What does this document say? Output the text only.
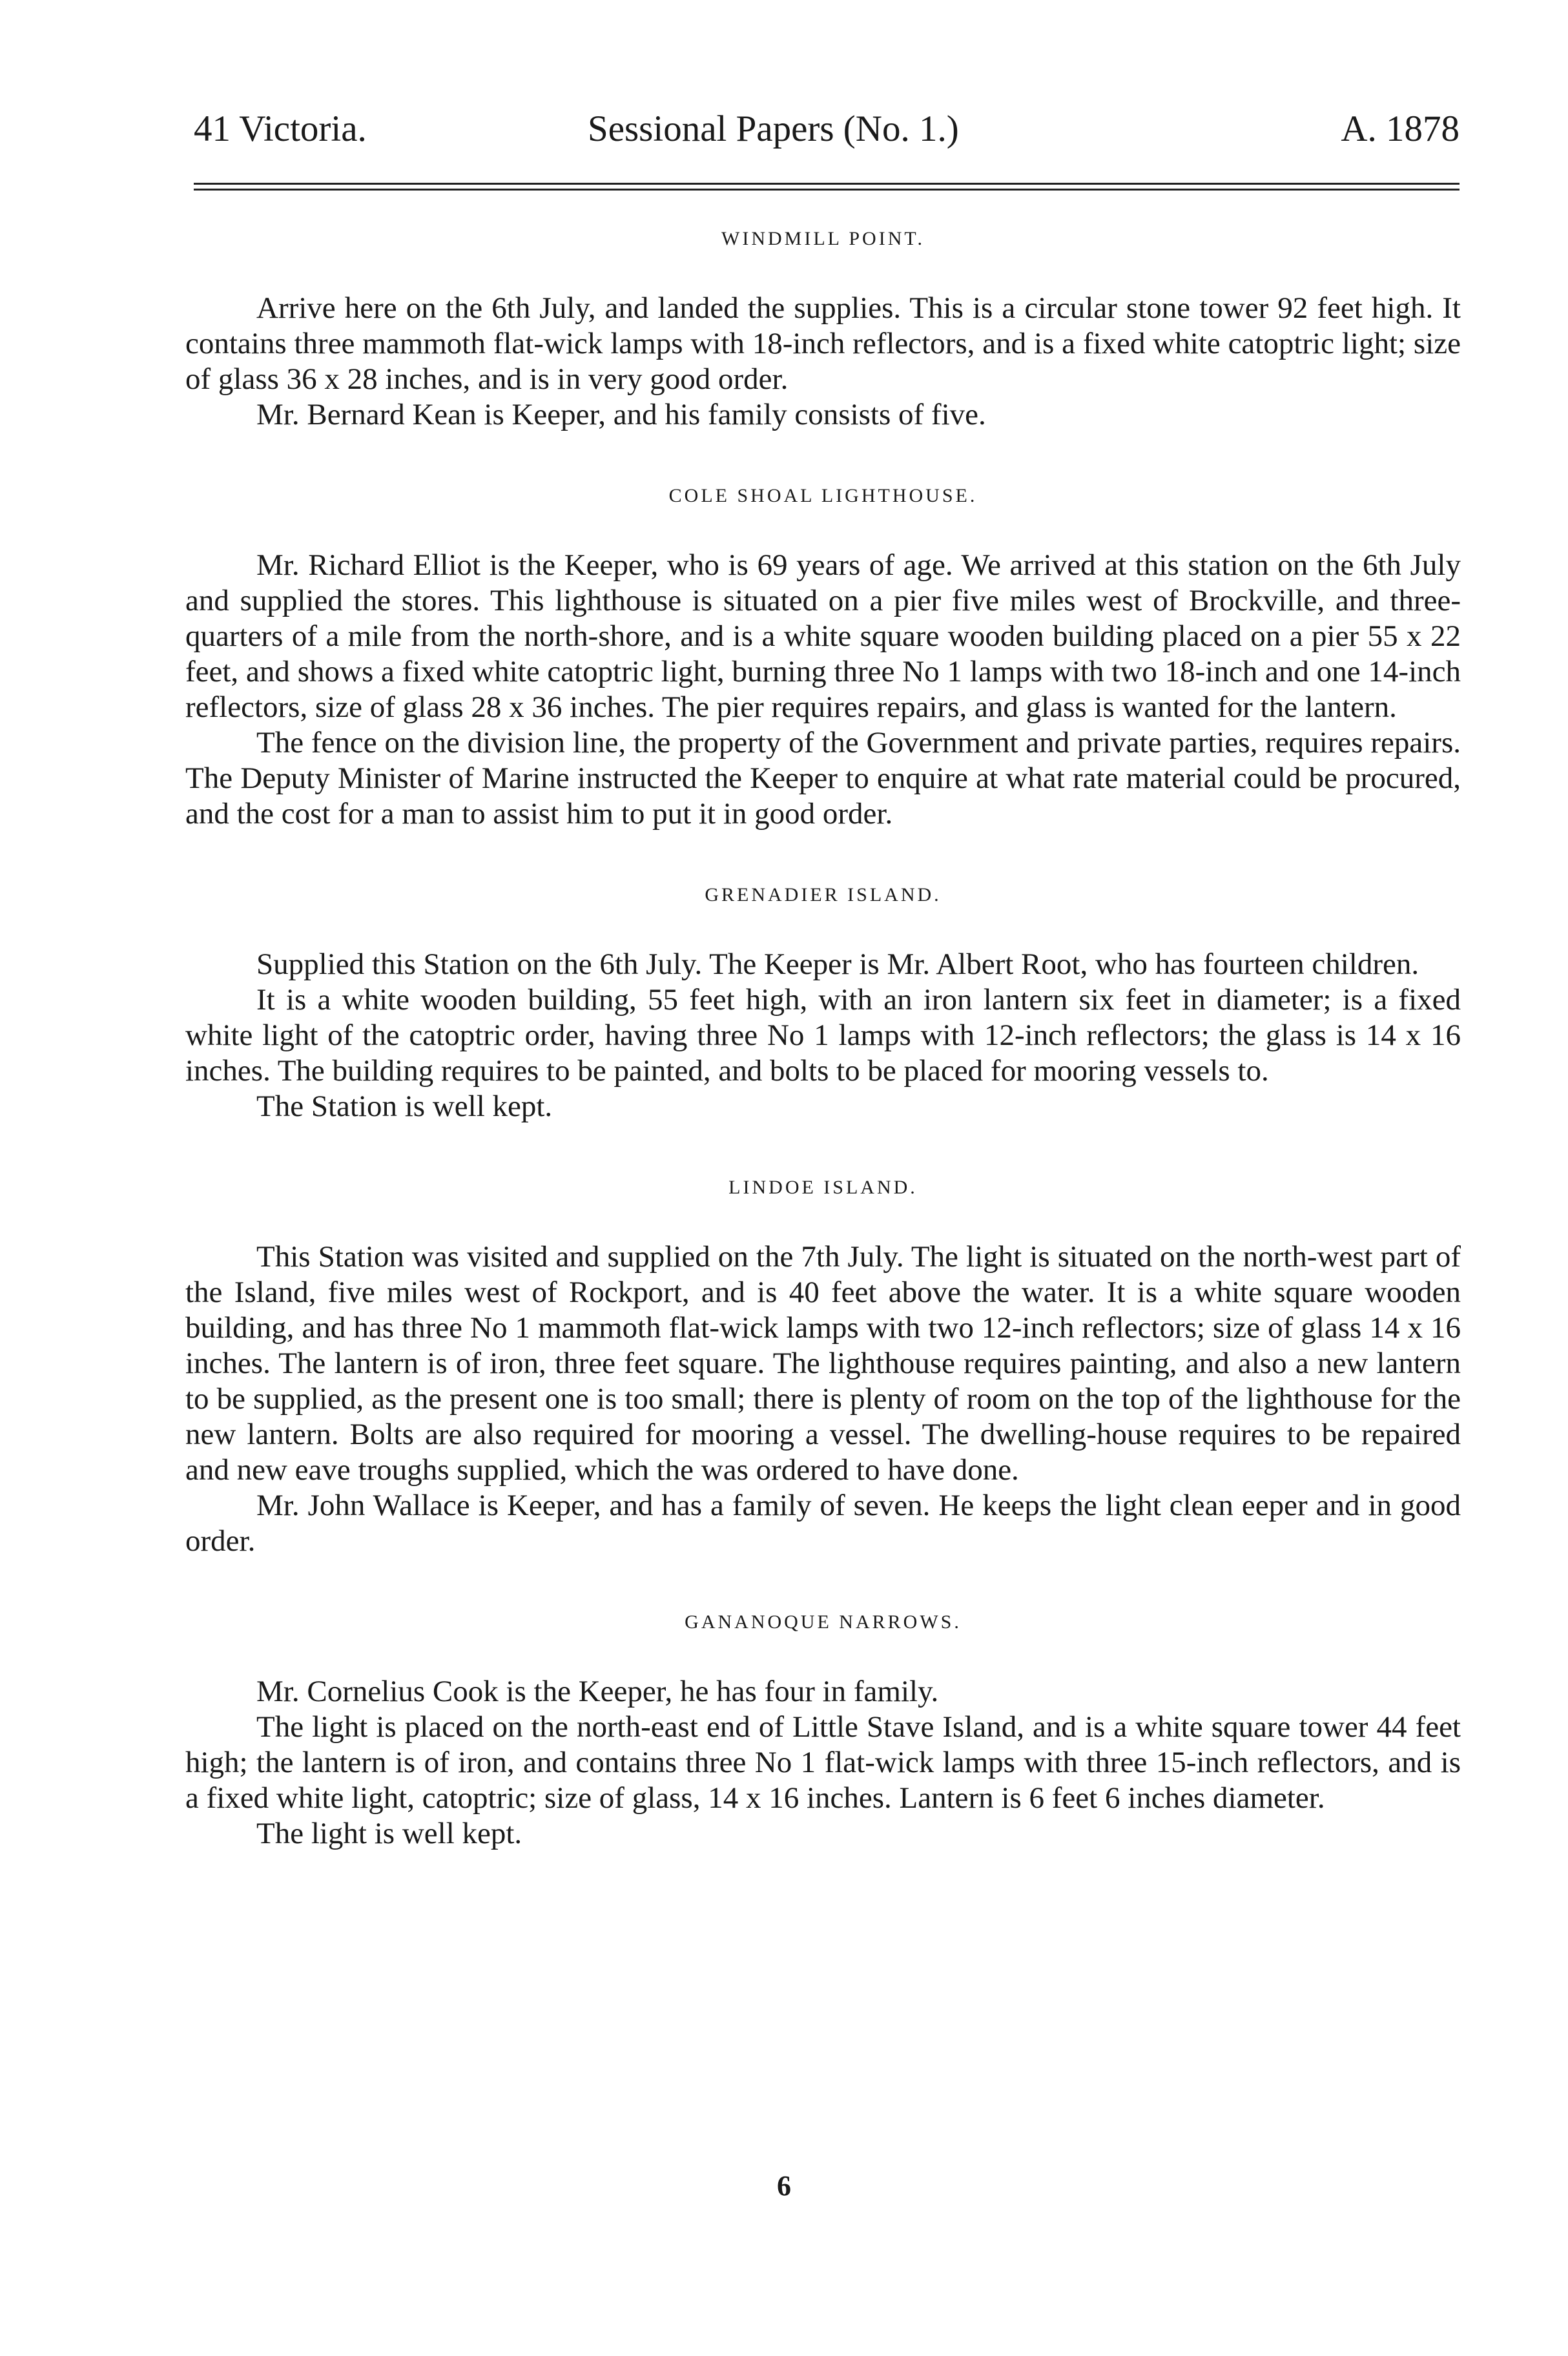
41 Victoria.	Sessional Papers (No. 1.)	A. 1878

WINDMILL POINT.

Arrive here on the 6th July, and landed the supplies. This is a circular stone tower 92 feet high. It contains three mammoth flat-wick lamps with 18-inch reflectors, and is a fixed white catoptric light; size of glass 36 x 28 inches, and is in very good order.

Mr. Bernard Kean is Keeper, and his family consists of five.

COLE SHOAL LIGHTHOUSE.

Mr. Richard Elliot is the Keeper, who is 69 years of age. We arrived at this station on the 6th July and supplied the stores. This lighthouse is situated on a pier five miles west of Brockville, and three-quarters of a mile from the north-shore, and is a white square wooden building placed on a pier 55 x 22 feet, and shows a fixed white catoptric light, burning three No 1 lamps with two 18-inch and one 14-inch reflectors, size of glass 28 x 36 inches. The pier requires repairs, and glass is wanted for the lantern.

The fence on the division line, the property of the Government and private parties, requires repairs. The Deputy Minister of Marine instructed the Keeper to enquire at what rate material could be procured, and the cost for a man to assist him to put it in good order.

GRENADIER ISLAND.

Supplied this Station on the 6th July. The Keeper is Mr. Albert Root, who has fourteen children.

It is a white wooden building, 55 feet high, with an iron lantern six feet in diameter; is a fixed white light of the catoptric order, having three No 1 lamps with 12-inch reflectors; the glass is 14 x 16 inches. The building requires to be painted, and bolts to be placed for mooring vessels to.

The Station is well kept.

LINDOE ISLAND.

This Station was visited and supplied on the 7th July. The light is situated on the north-west part of the Island, five miles west of Rockport, and is 40 feet above the water. It is a white square wooden building, and has three No 1 mammoth flat-wick lamps with two 12-inch reflectors; size of glass 14 x 16 inches. The lantern is of iron, three feet square. The lighthouse requires painting, and also a new lantern to be supplied, as the present one is too small; there is plenty of room on the top of the lighthouse for the new lantern. Bolts are also required for mooring a vessel. The dwelling-house requires to be repaired and new eave troughs supplied, which the was ordered to have done.

Mr. John Wallace is Keeper, and has a family of seven. He keeps the light clean eeper and in good order.

GANANOQUE NARROWS.

Mr. Cornelius Cook is the Keeper, he has four in family.

The light is placed on the north-east end of Little Stave Island, and is a white square tower 44 feet high; the lantern is of iron, and contains three No 1 flat-wick lamps with three 15-inch reflectors, and is a fixed white light, catoptric; size of glass, 14 x 16 inches. Lantern is 6 feet 6 inches diameter.

The light is well kept.

6
